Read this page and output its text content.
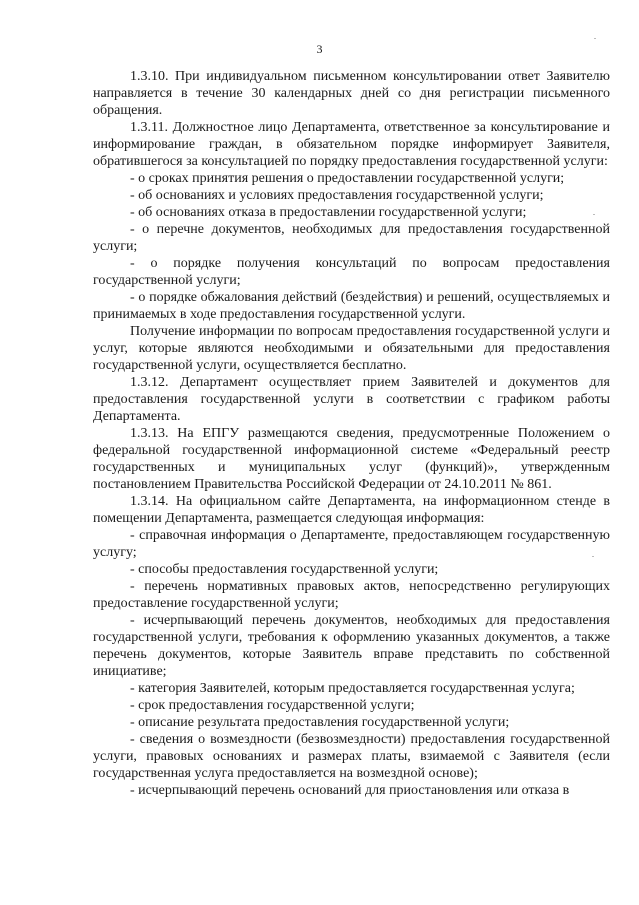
3

1.3.10. При индивидуальном письменном консультировании ответ Заявителю направляется в течение 30 календарных дней со дня регистрации письменного обращения.

1.3.11. Должностное лицо Департамента, ответственное за консультирование и информирование граждан, в обязательном порядке информирует Заявителя, обратившегося за консультацией по порядку предоставления государственной услуги:

- о сроках принятия решения о предоставлении государственной услуги;

- об основаниях и условиях предоставления государственной услуги;

- об основаниях отказа в предоставлении государственной услуги;

- о перечне документов, необходимых для предоставления государственной услуги;

- о порядке получения консультаций по вопросам предоставления государственной услуги;

- о порядке обжалования действий (бездействия) и решений, осуществляемых и принимаемых в ходе предоставления государственной услуги.

Получение информации по вопросам предоставления государственной услуги и услуг, которые являются необходимыми и обязательными для предоставления государственной услуги, осуществляется бесплатно.

1.3.12. Департамент осуществляет прием Заявителей и документов для предоставления государственной услуги в соответствии с графиком работы Департамента.

1.3.13. На ЕПГУ размещаются сведения, предусмотренные Положением о федеральной государственной информационной системе «Федеральный реестр государственных и муниципальных услуг (функций)», утвержденным постановлением Правительства Российской Федерации от 24.10.2011 № 861.

1.3.14. На официальном сайте Департамента, на информационном стенде в помещении Департамента, размещается следующая информация:

- справочная информация о Департаменте, предоставляющем государственную услугу;

- способы предоставления государственной услуги;

- перечень нормативных правовых актов, непосредственно регулирующих предоставление государственной услуги;

- исчерпывающий перечень документов, необходимых для предоставления государственной услуги, требования к оформлению указанных документов, а также перечень документов, которые Заявитель вправе представить по собственной инициативе;

- категория Заявителей, которым предоставляется государственная услуга;

- срок предоставления государственной услуги;

- описание результата предоставления государственной услуги;

- сведения о возмездности (безвозмездности) предоставления государственной услуги, правовых основаниях и размерах платы, взимаемой с Заявителя (если государственная услуга предоставляется на возмездной основе);

- исчерпывающий перечень оснований для приостановления или отказа в
